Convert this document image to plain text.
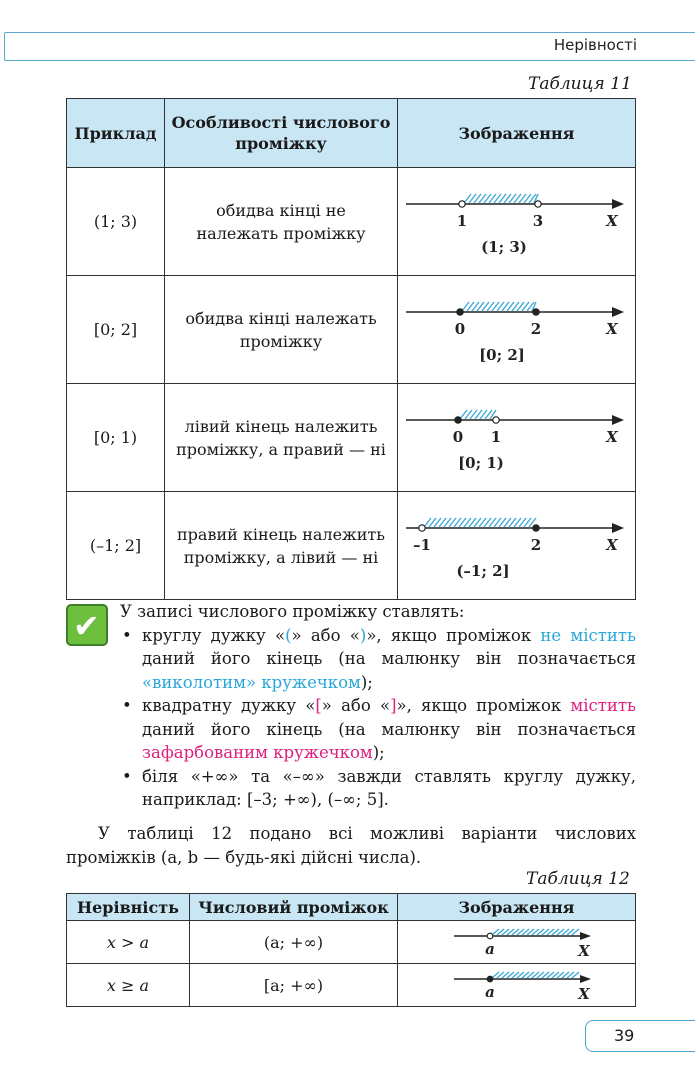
Нерівності
Таблиця 11
Приклад	Особливості числового проміжку	Зображення
(1; 3)	обидва кінці не належать проміжку	1 3 X
(1; 3)

[0; 2]	обидва кінці належать проміжку	0 2 X
[0; 2]

[0; 1)	лівий кінець належить проміжку, а правий — ні	0 1 X
[0; 1)

(–1; 2]	правий кінець належить проміжку, а лівий — ні	–1 2 X
(–1; 2]
✔ У записі числового проміжку ставлять:

• круглу дужку «(» або «)», якщо проміжок не містить даний його кінець (на малюнку він позначається «виколотим» кружечком);
• квадратну дужку «[» або «]», якщо проміжок містить даний його кінець (на малюнку він позначається зафарбованим кружечком);
• біля «+∞» та «–∞» завжди ставлять круглу дужку, наприклад: [–3; +∞), (–∞; 5].
У таблиці 12 подано всі можливі варіанти числових проміжків (a, b — будь-які дійсні числа).
Таблиця 12
Нерівність	Числовий проміжок	Зображення
x > a	(a; +∞)	a X

x ≥ a	[a; +∞)	a X
39
